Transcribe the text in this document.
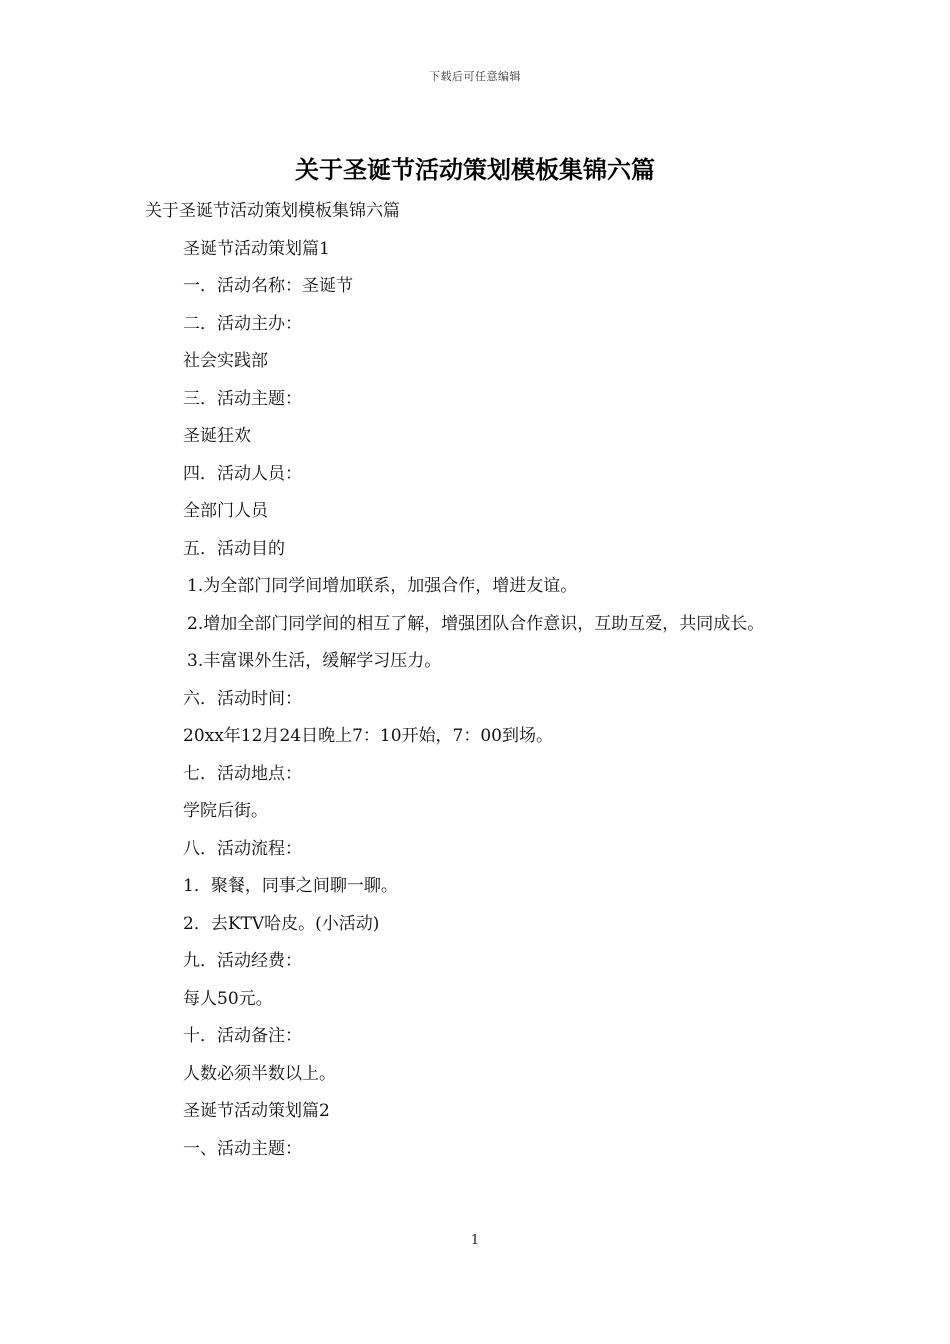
下载后可任意编辑
关于圣诞节活动策划模板集锦六篇

关于圣诞节活动策划模板集锦六篇

圣诞节活动策划篇1

一．活动名称：圣诞节

二．活动主办：

社会实践部

三．活动主题：

圣诞狂欢

四．活动人员：

全部门人员

五．活动目的

1.为全部门同学间增加联系，加强合作，增进友谊。

2.增加全部门同学间的相互了解，增强团队合作意识，互助互爱，共同成长。

3.丰富课外生活，缓解学习压力。

六．活动时间：

20xx年12月24日晚上7：10开始，7：00到场。

七．活动地点：

学院后街。

八．活动流程：

1．聚餐，同事之间聊一聊。

2．去KTV哈皮。(小活动)

九．活动经费：

每人50元。

十．活动备注：

人数必须半数以上。

圣诞节活动策划篇2

一、活动主题：

1
